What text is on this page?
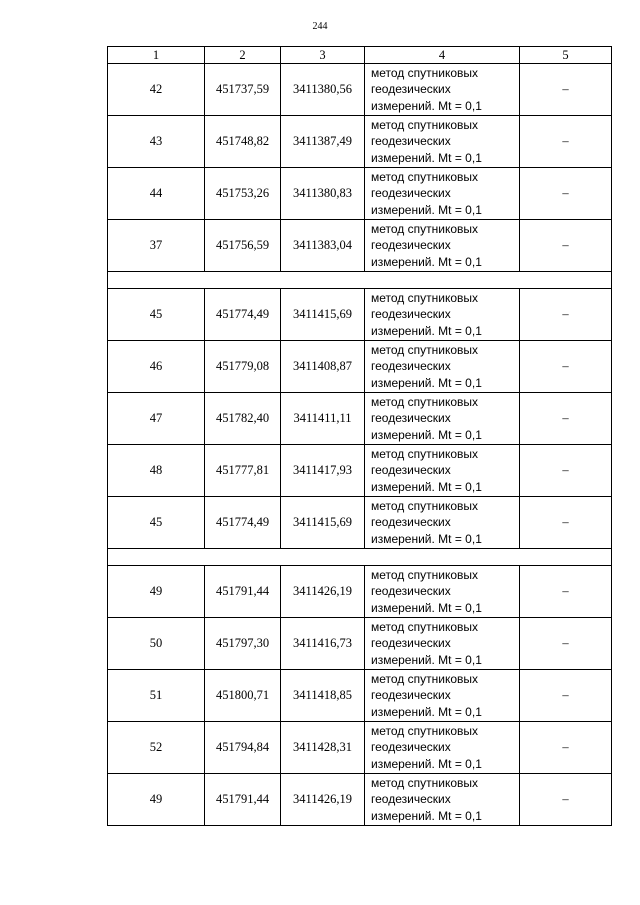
244
1	2	3	4	5
42	451737,59	3411380,56	метод спутниковых
геодезических
измерений. Mt = 0,1	–
43	451748,82	3411387,49	метод спутниковых
геодезических
измерений. Mt = 0,1	–
44	451753,26	3411380,83	метод спутниковых
геодезических
измерений. Mt = 0,1	–
37	451756,59	3411383,04	метод спутниковых
геодезических
измерений. Mt = 0,1	–

45	451774,49	3411415,69	метод спутниковых
геодезических
измерений. Mt = 0,1	–
46	451779,08	3411408,87	метод спутниковых
геодезических
измерений. Mt = 0,1	–
47	451782,40	3411411,11	метод спутниковых
геодезических
измерений. Mt = 0,1	–
48	451777,81	3411417,93	метод спутниковых
геодезических
измерений. Mt = 0,1	–
45	451774,49	3411415,69	метод спутниковых
геодезических
измерений. Mt = 0,1	–

49	451791,44	3411426,19	метод спутниковых
геодезических
измерений. Mt = 0,1	–
50	451797,30	3411416,73	метод спутниковых
геодезических
измерений. Mt = 0,1	–
51	451800,71	3411418,85	метод спутниковых
геодезических
измерений. Mt = 0,1	–
52	451794,84	3411428,31	метод спутниковых
геодезических
измерений. Mt = 0,1	–
49	451791,44	3411426,19	метод спутниковых
геодезических
измерений. Mt = 0,1	–
